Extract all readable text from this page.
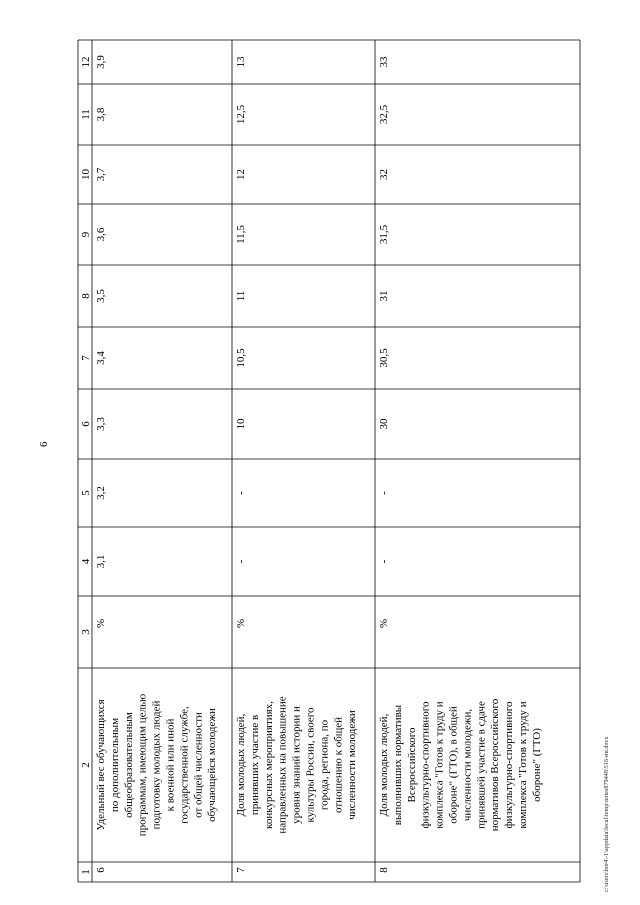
6
c:\users\bor4\-1\appdata\local\temp\notes879448\516-ни.docx
1
2
3
4
5
6
7
8
9
10
11
12
6
Удельный вес обучающихся по дополнительным общеобразовательным программам, имеющим целью подготовку молодых людей к военной или иной государственной службе, от общей численности обучающейся молодежи
%
3,1
3,2
3,3
3,4
3,5
3,6
3,7
3,8
3,9
7
Доля молодых людей, принявших участие в конкурсных мероприятиях, направленных на повышение уровня знаний истории и культуры России, своего города, региона, по отношению к общей численности молодежи
%
-
-
10
10,5
11
11,5
12
12,5
13
8
Доля молодых людей, выполнивших нормативы Всероссийского физкультурно-спортивного комплекса "Готов к труду и обороне" (ГТО), в общей численности молодежи, принявшей участие в сдаче нормативов Всероссийского физкультурно-спортивного комплекса "Готов к труду и обороне" (ГТО)
%
-
-
30
30,5
31
31,5
32
32,5
33
